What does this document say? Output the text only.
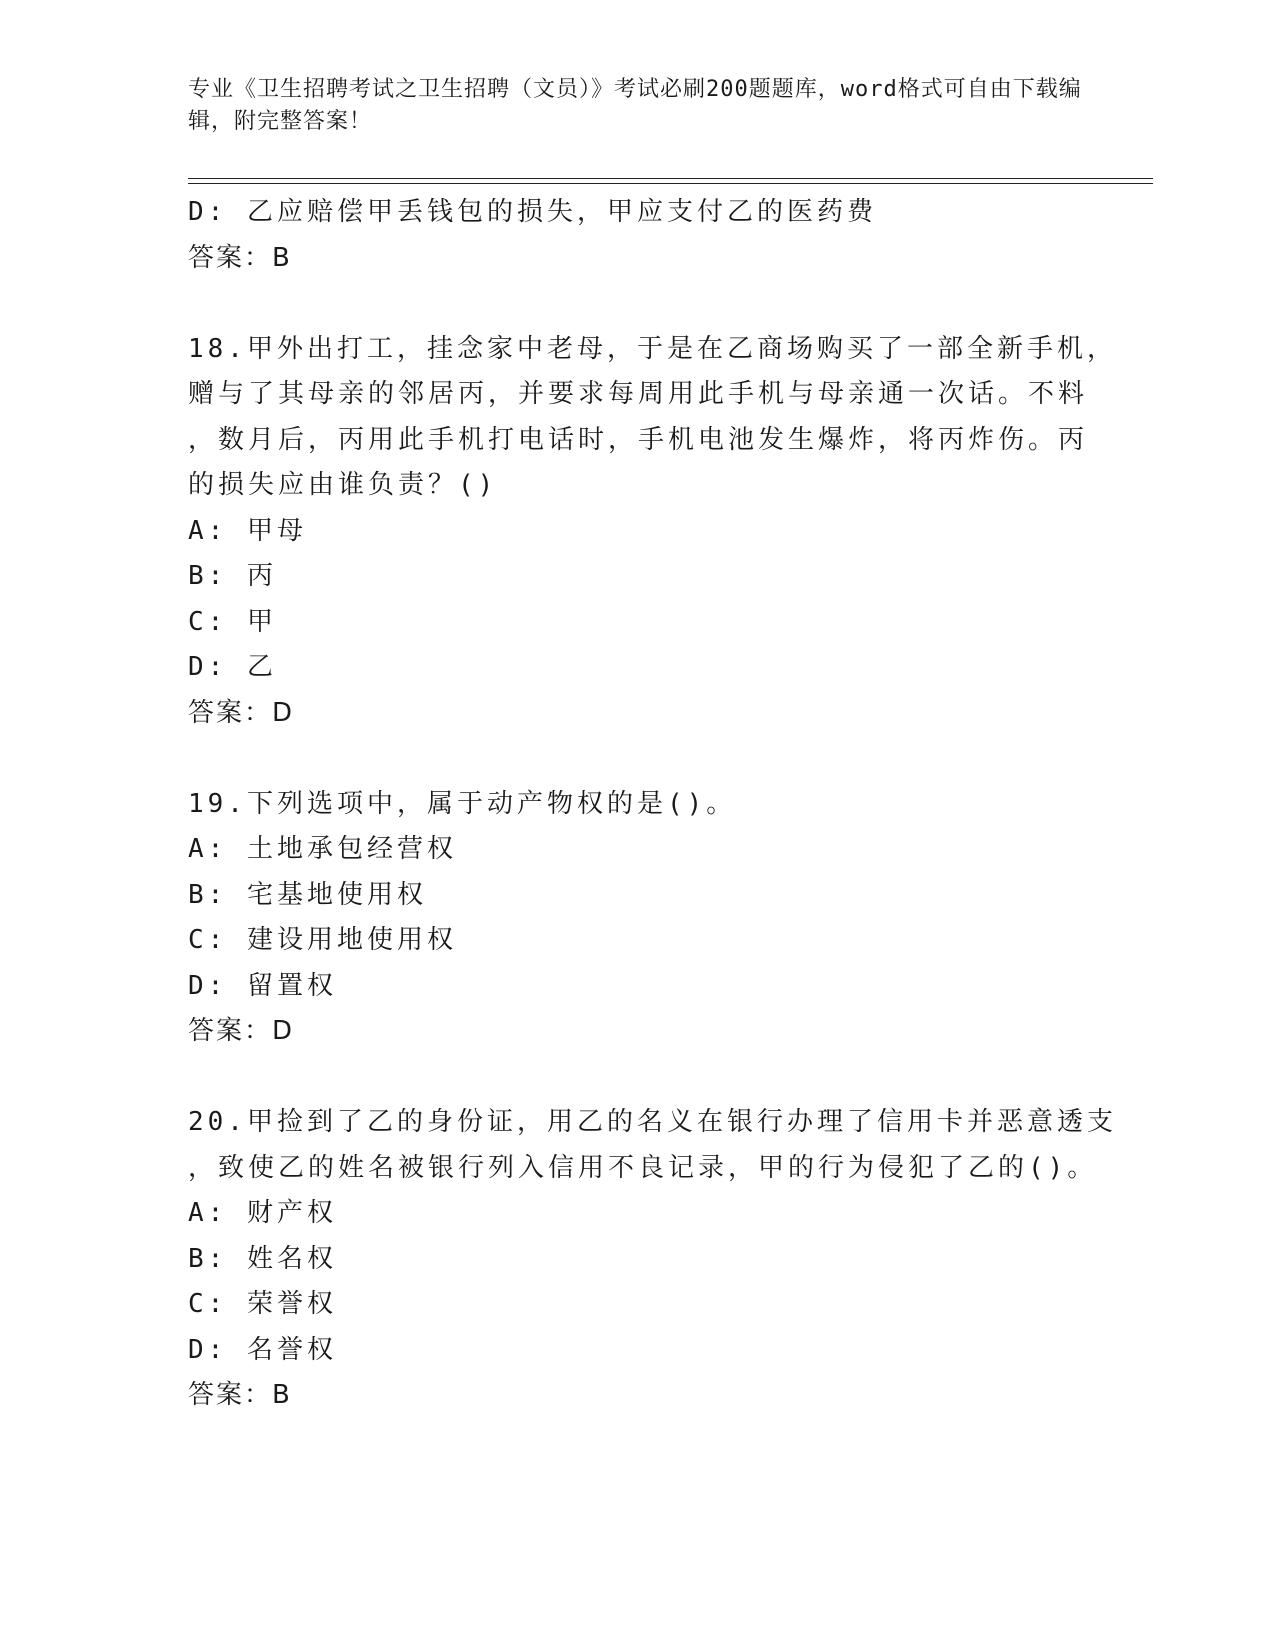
专业《卫生招聘考试之卫生招聘（文员）》考试必刷200题题库，word格式可自由下载编辑，附完整答案！
D: 乙应赔偿甲丢钱包的损失，甲应支付乙的医药费
答案：B
18.甲外出打工，挂念家中老母，于是在乙商场购买了一部全新手机，
赠与了其母亲的邻居丙，并要求每周用此手机与母亲通一次话。不料
，数月后，丙用此手机打电话时，手机电池发生爆炸，将丙炸伤。丙
的损失应由谁负责？()
A: 甲母
B: 丙
C: 甲
D: 乙
答案：D
19.下列选项中，属于动产物权的是()。
A: 土地承包经营权
B: 宅基地使用权
C: 建设用地使用权
D: 留置权
答案：D
20.甲捡到了乙的身份证，用乙的名义在银行办理了信用卡并恶意透支
，致使乙的姓名被银行列入信用不良记录，甲的行为侵犯了乙的()。
A: 财产权
B: 姓名权
C: 荣誉权
D: 名誉权
答案：B
